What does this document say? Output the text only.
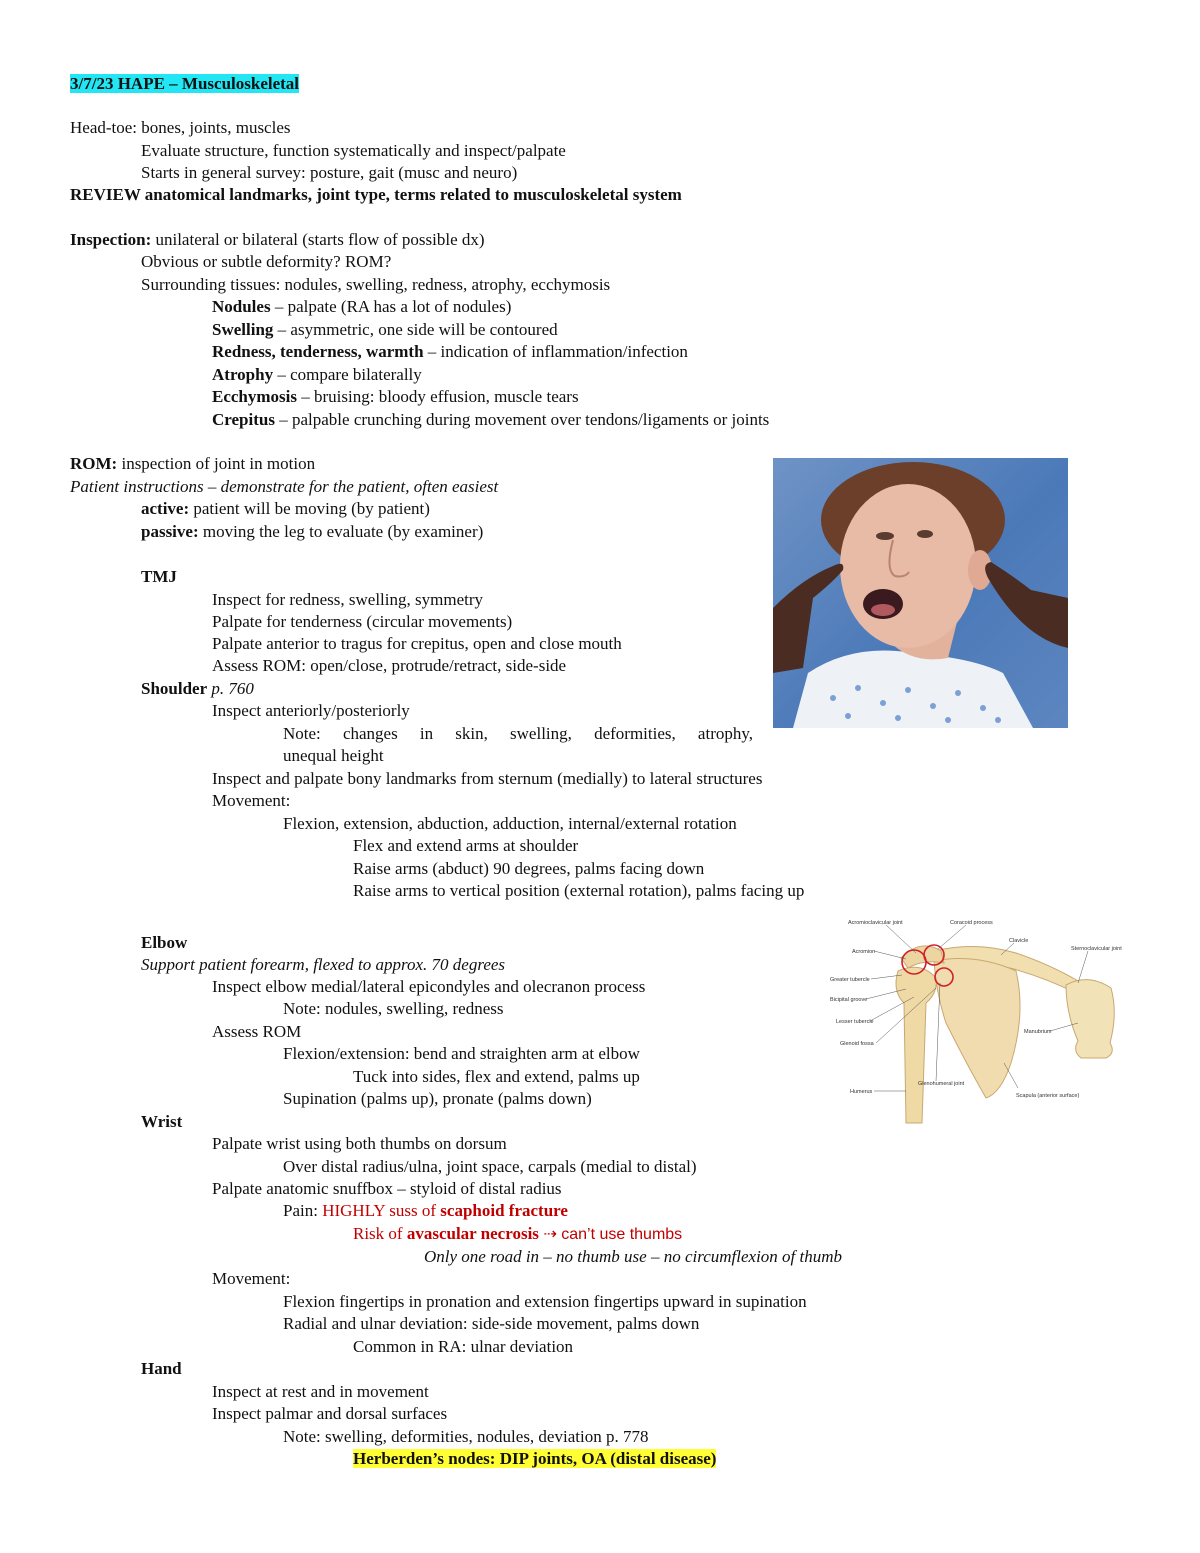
3/7/23 HAPE – Musculoskeletal
Head-toe: bones, joints, muscles
Evaluate structure, function systematically and inspect/palpate
Starts in general survey: posture, gait (musc and neuro)
REVIEW anatomical landmarks, joint type, terms related to musculoskeletal system
Inspection: unilateral or bilateral (starts flow of possible dx)
Obvious or subtle deformity? ROM?
Surrounding tissues: nodules, swelling, redness, atrophy, ecchymosis
Nodules – palpate (RA has a lot of nodules)
Swelling – asymmetric, one side will be contoured
Redness, tenderness, warmth – indication of inflammation/infection
Atrophy – compare bilaterally
Ecchymosis – bruising: bloody effusion, muscle tears
Crepitus – palpable crunching during movement over tendons/ligaments or joints
ROM: inspection of joint in motion
Patient instructions – demonstrate for the patient, often easiest
active: patient will be moving (by patient)
passive: moving the leg to evaluate (by examiner)
TMJ
Inspect for redness, swelling, symmetry
Palpate for tenderness (circular movements)
Palpate anterior to tragus for crepitus, open and close mouth
Assess ROM: open/close, protrude/retract, side-side
Shoulder p. 760
Inspect anteriorly/posteriorly
Note: changes in skin, swelling, deformities, atrophy,
unequal height
Inspect and palpate bony landmarks from sternum (medially) to lateral structures
Movement:
Flexion, extension, abduction, adduction, internal/external rotation
Flex and extend arms at shoulder
Raise arms (abduct) 90 degrees, palms facing down
Raise arms to vertical position (external rotation), palms facing up
Elbow
Support patient forearm, flexed to approx. 70 degrees
Inspect elbow medial/lateral epicondyles and olecranon process
Note: nodules, swelling, redness
Assess ROM
Flexion/extension: bend and straighten arm at elbow
Tuck into sides, flex and extend, palms up
Supination (palms up), pronate (palms down)
Wrist
Palpate wrist using both thumbs on dorsum
Over distal radius/ulna, joint space, carpals (medial to distal)
Palpate anatomic snuffbox – styloid of distal radius
Pain: HIGHLY suss of scaphoid fracture
Risk of avascular necrosis ⇢ can’t use thumbs
Only one road in – no thumb use – no circumflexion of thumb
Movement:
Flexion fingertips in pronation and extension fingertips upward in supination
Radial and ulnar deviation: side-side movement, palms down
Common in RA: ulnar deviation
Hand
Inspect at rest and in movement
Inspect palmar and dorsal surfaces
Note: swelling, deformities, nodules, deviation p. 778
Herberden’s nodes: DIP joints, OA (distal disease)
Acromioclavicular joint	Coracoid process
Clavicle
Sternoclavicular joint
Acromion
Greater tubercle
Bicipital groove
Lesser tubercle
Glenoid fossa
Manubrium
Humerus
Glenohumeral joint
Scapula (anterior surface)
